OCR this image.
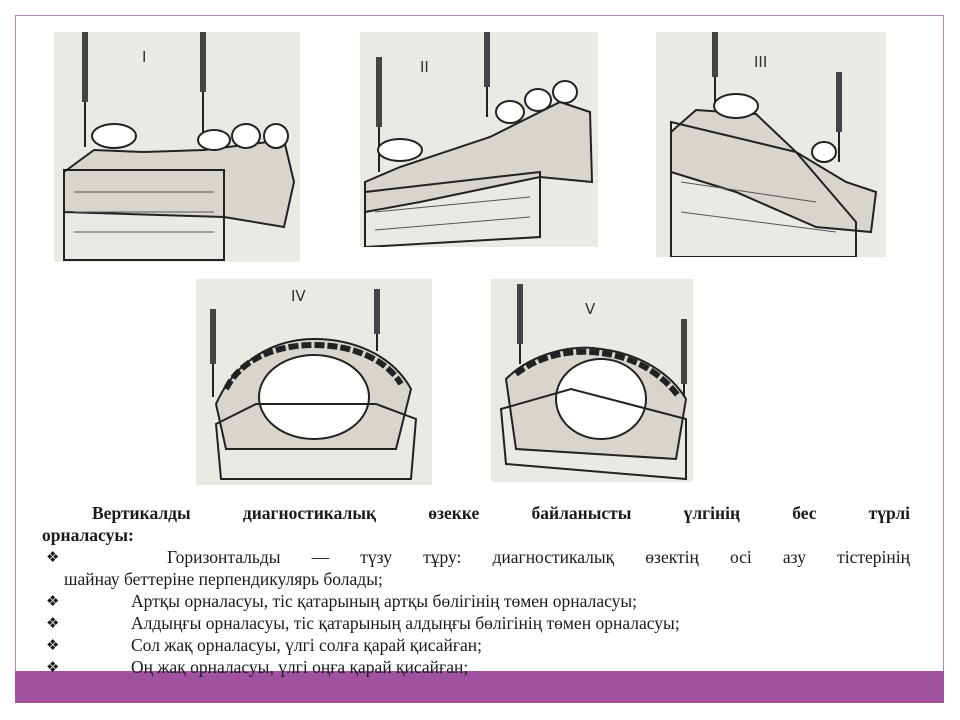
I
II	III
IV
V
Вертикалды диагностикалық өзекке байланысты үлгінің бес түрлі
орналасуы:
❖	Горизонтальды — түзу тұру: диагностикалық өзектің осі азу тістерінің
шайнау беттеріне перпендикулярь болады;
❖	Артқы орналасуы, тіс қатарының артқы бөлігінің төмен орналасуы;
❖	Алдыңғы орналасуы, тіс қатарының алдыңғы бөлігінің төмен орналасуы;
❖	Сол жақ орналасуы, үлгі солға қарай қисайған;
❖	Оң жақ орналасуы, үлгі оңға қарай қисайған;
